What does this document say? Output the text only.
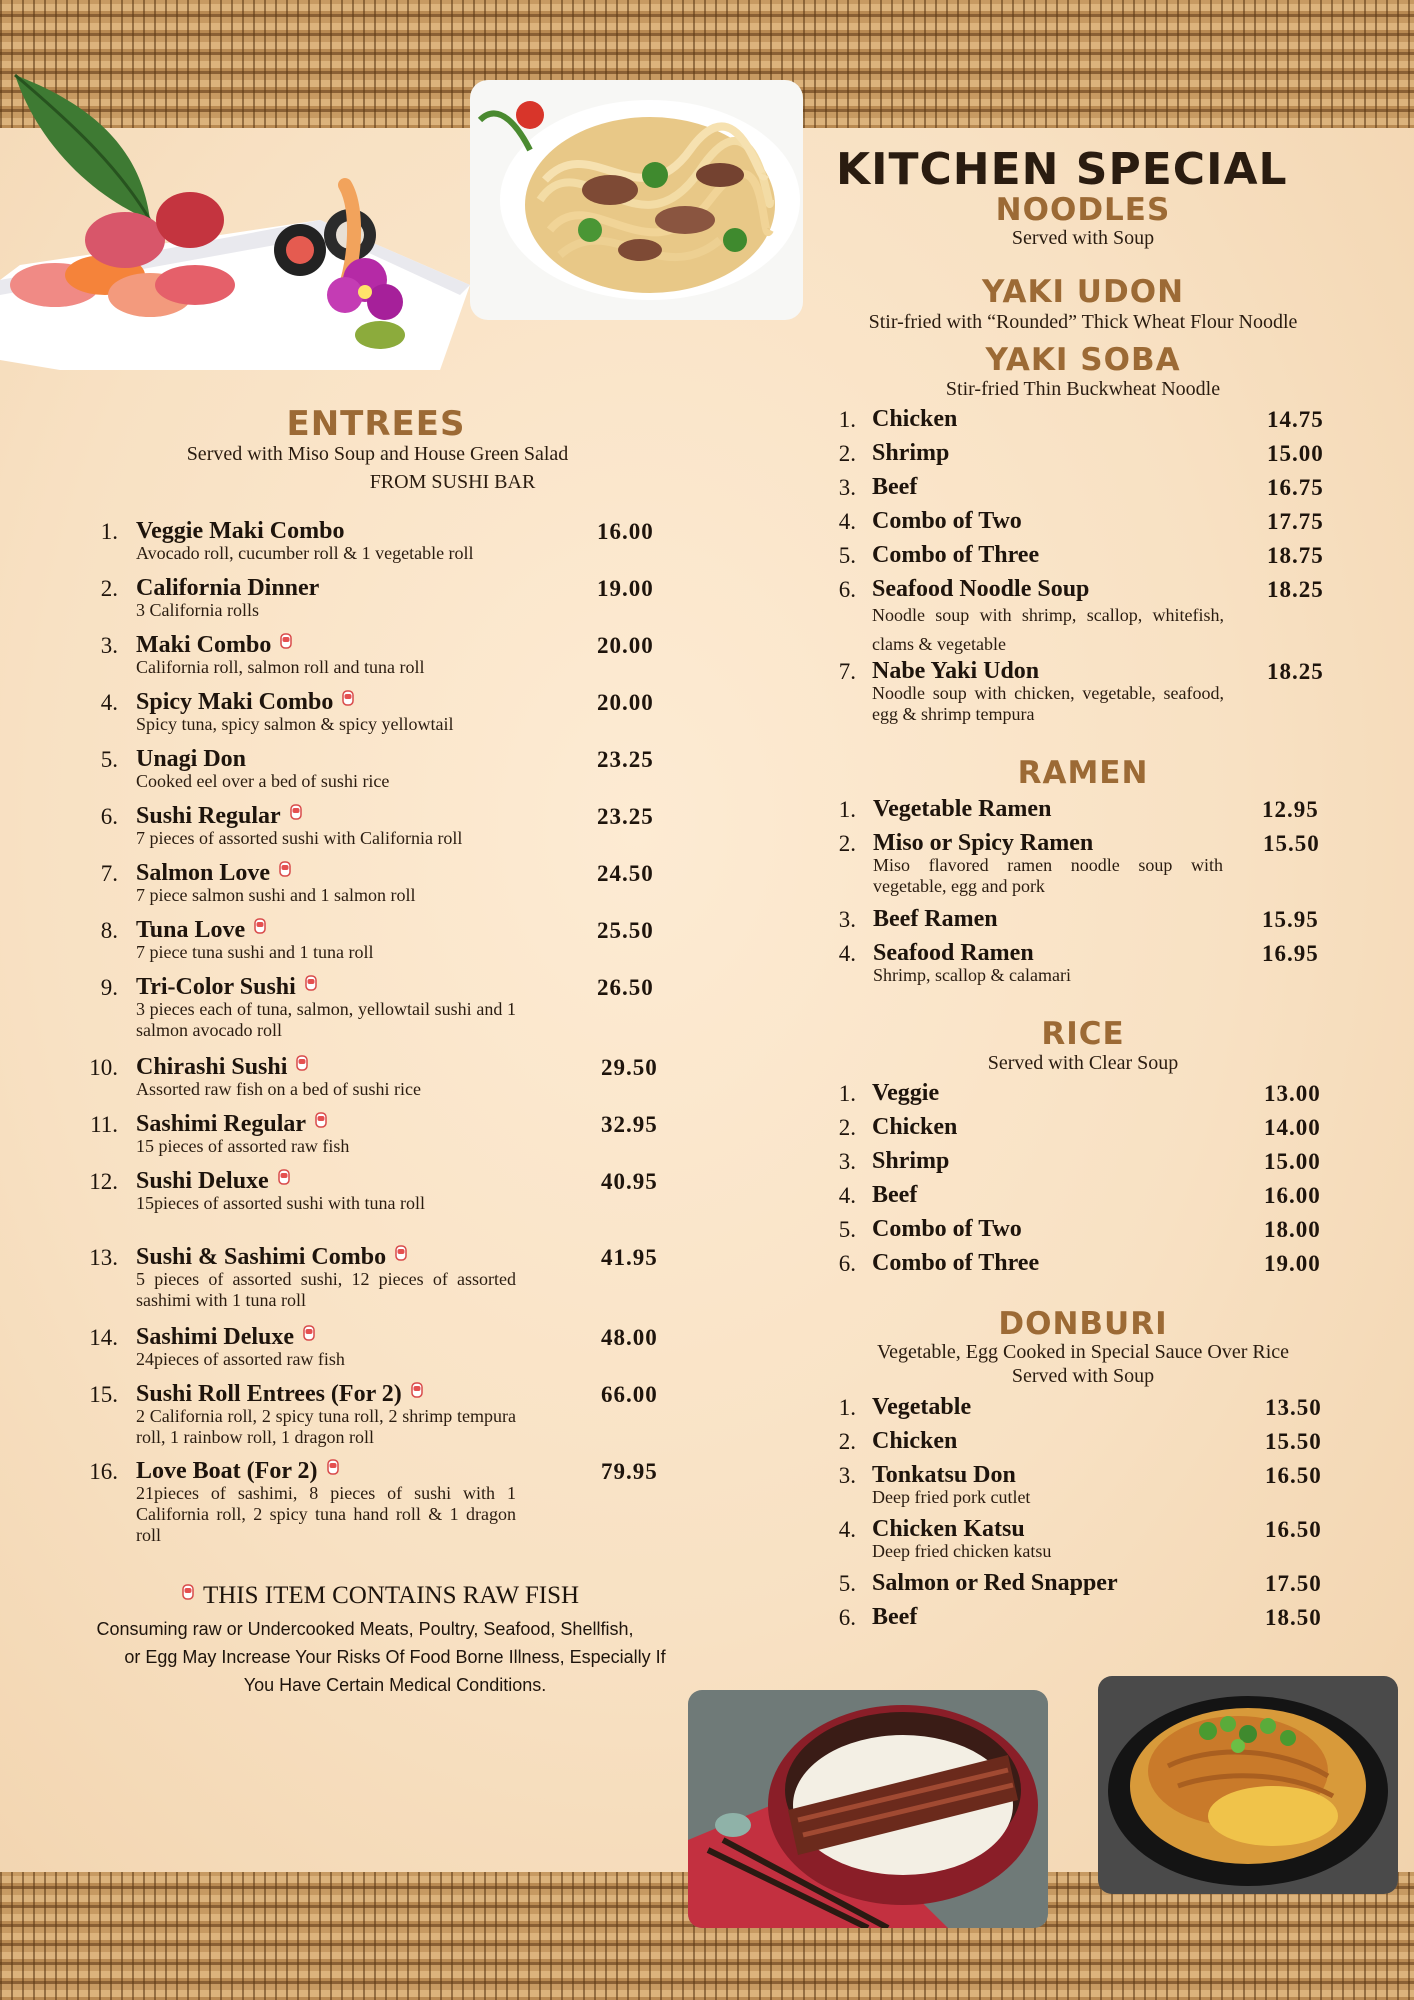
ENTREES
Served with Miso Soup and House Green Salad
FROM SUSHI BAR
1. Veggie Maki Combo	16.00
Avocado roll, cucumber roll & 1 vegetable roll
2. California Dinner	19.00
3 California rolls
3. Maki Combo	20.00
California roll, salmon roll and tuna roll
4. Spicy Maki Combo	20.00
Spicy tuna, spicy salmon & spicy yellowtail
5. Unagi Don	23.25
Cooked eel over a bed of sushi rice
6. Sushi Regular	23.25
7 pieces of assorted sushi with California roll
7. Salmon Love	24.50
7 piece salmon sushi and 1 salmon roll
8. Tuna Love	25.50
7 piece tuna sushi and 1 tuna roll
9. Tri-Color Sushi	26.50
3 pieces each of tuna, salmon, yellowtail sushi and 1 salmon avocado roll
10. Chirashi Sushi	29.50
Assorted raw fish on a bed of sushi rice
11. Sashimi Regular	32.95
15 pieces of assorted raw fish
12. Sushi Deluxe	40.95
15pieces of assorted sushi with tuna roll
13. Sushi & Sashimi Combo	41.95
5 pieces of assorted sushi, 12 pieces of assorted sashimi with 1 tuna roll
14. Sashimi Deluxe	48.00
24pieces of assorted raw fish
15. Sushi Roll Entrees (For 2)	66.00
2 California roll, 2 spicy tuna roll, 2 shrimp tempura roll, 1 rainbow roll, 1 dragon roll
16. Love Boat (For 2)	79.95
21pieces of sashimi, 8 pieces of sushi with 1 California roll, 2 spicy tuna hand roll & 1 dragon roll
THIS ITEM CONTAINS RAW FISH
Consuming raw or Undercooked Meats, Poultry, Seafood, Shellfish,
or Egg May Increase Your Risks Of Food Borne Illness, Especially If
You Have Certain Medical Conditions.
KITCHEN SPECIAL
NOODLES
Served with Soup
YAKI UDON
Stir-fried with “Rounded” Thick Wheat Flour Noodle
YAKI SOBA
Stir-fried Thin Buckwheat Noodle
1. Chicken	14.75
2. Shrimp	15.00
3. Beef	16.75
4. Combo of Two	17.75
5. Combo of Three	18.75
6. Seafood Noodle Soup	18.25
Noodle soup with shrimp, scallop, whitefish, clams & vegetable
7. Nabe Yaki Udon	18.25
Noodle soup with chicken, vegetable, seafood, egg & shrimp tempura
RAMEN
1. Vegetable Ramen	12.95
2. Miso or Spicy Ramen	15.50
Miso flavored ramen noodle soup with vegetable, egg and pork
3. Beef Ramen	15.95
4. Seafood Ramen	16.95
Shrimp, scallop & calamari
RICE
Served with Clear Soup
1. Veggie	13.00
2. Chicken	14.00
3. Shrimp	15.00
4. Beef	16.00
5. Combo of Two	18.00
6. Combo of Three	19.00
DONBURI
Vegetable, Egg Cooked in Special Sauce Over Rice
Served with Soup
1. Vegetable	13.50
2. Chicken	15.50
3. Tonkatsu Don	16.50
Deep fried pork cutlet
4. Chicken Katsu	16.50
Deep fried chicken katsu
5. Salmon or Red Snapper	17.50
6. Beef	18.50
